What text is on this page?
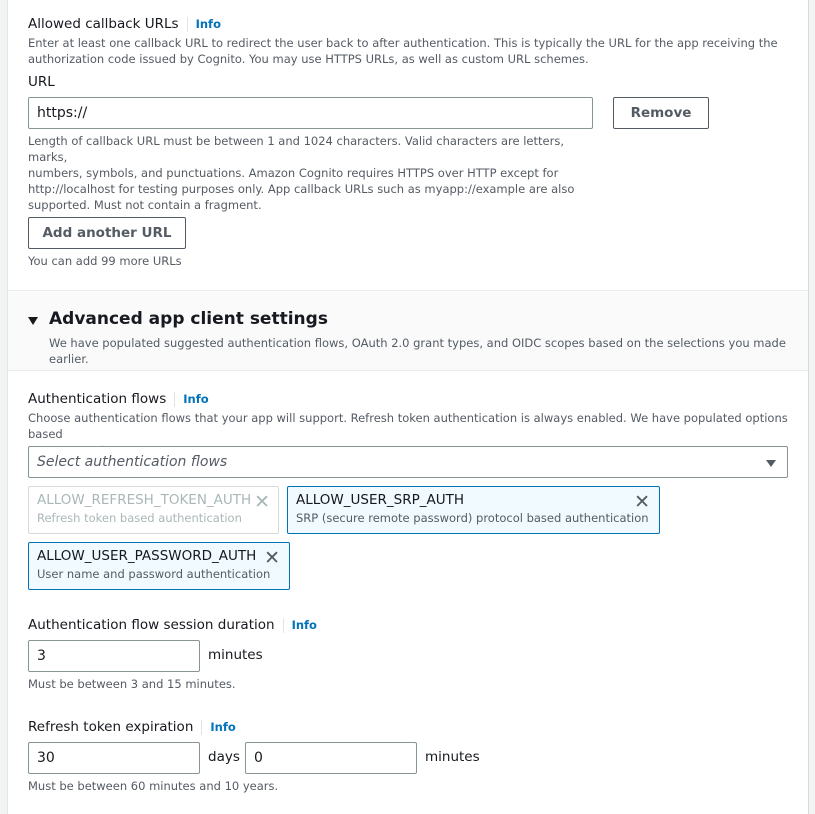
Allowed callback URLs Info
Enter at least one callback URL to redirect the user back to after authentication. This is typically the URL for the app receiving the
authorization code issued by Cognito. You may use HTTPS URLs, as well as custom URL schemes.
URL
https://	Remove
Length of callback URL must be between 1 and 1024 characters. Valid characters are letters, marks,
numbers, symbols, and punctuations. Amazon Cognito requires HTTPS over HTTP except for
http://localhost for testing purposes only. App callback URLs such as myapp://example are also
supported. Must not contain a fragment.
Add another URL
You can add 99 more URLs
Advanced app client settings
We have populated suggested authentication flows, OAuth 2.0 grant types, and OIDC scopes based on the selections you made earlier.
Authentication flows Info
Choose authentication flows that your app will support. Refresh token authentication is always enabled. We have populated options based
Select authentication flows
ALLOW_REFRESH_TOKEN_AUTH
Refresh token based authentication
✕ ALLOW_USER_SRP_AUTH
SRP (secure remote password) protocol based authentication
✕
ALLOW_USER_PASSWORD_AUTH
User name and password authentication
✕
Authentication flow session duration Info
3	minutes
Must be between 3 and 15 minutes.
Refresh token expiration Info
30	days 0	minutes
Must be between 60 minutes and 10 years.
